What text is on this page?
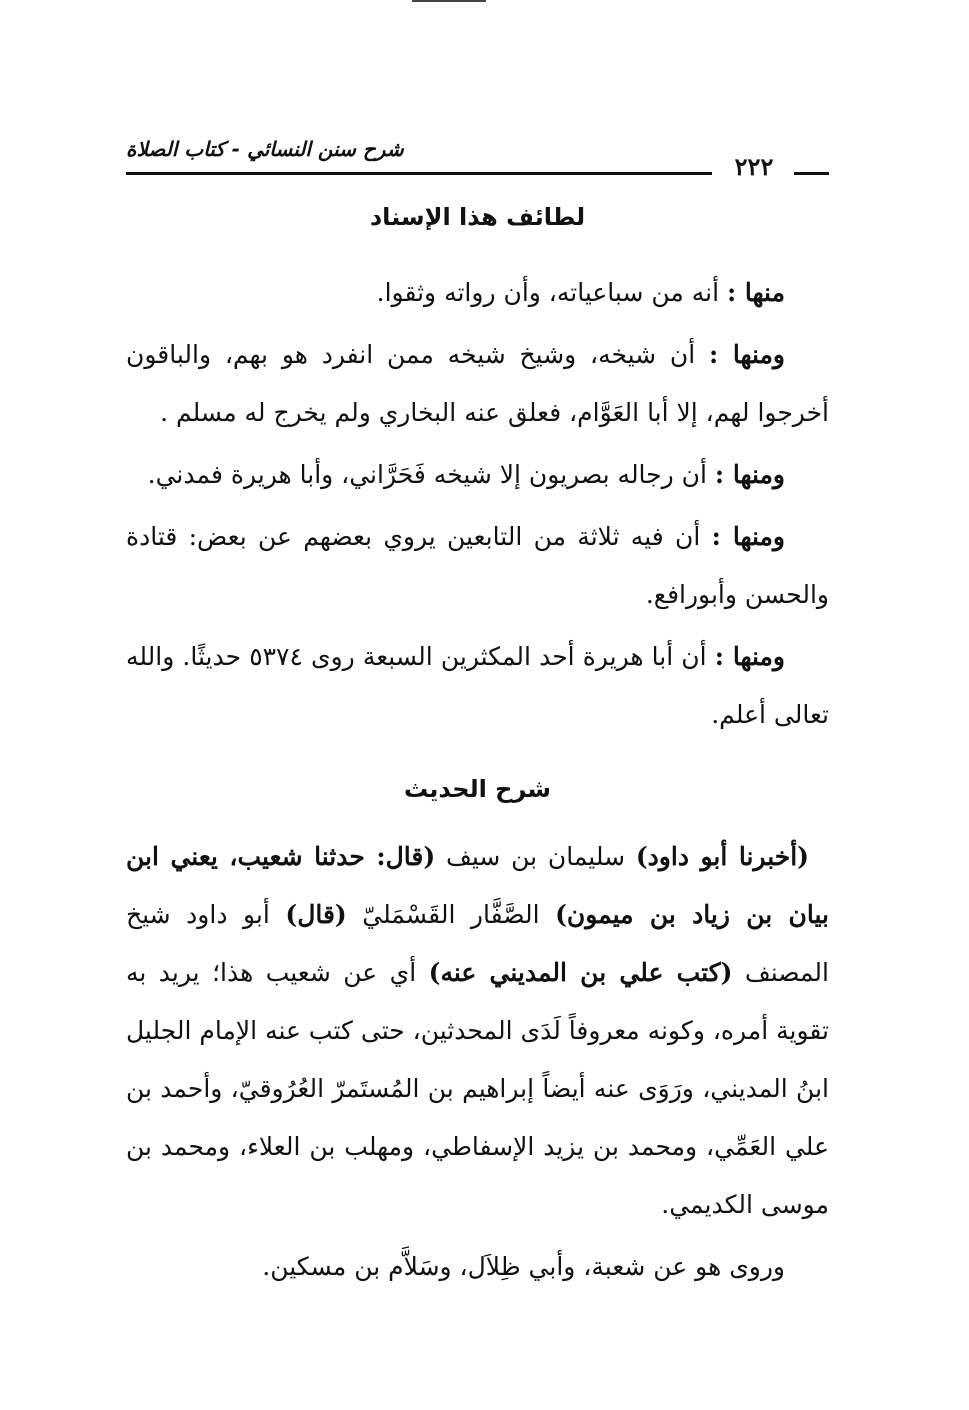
شرح سنن النسائي - كتاب الصلاة
٢٢٢
لطائف هذا الإسناد

منها : أنه من سباعياته، وأن رواته وثقوا.

ومنها : أن شيخه، وشيخ شيخه ممن انفرد هو بهم، والباقون أخرجوا لهم، إلا أبا العَوَّام، فعلق عنه البخاري ولم يخرج له مسلم .

ومنها : أن رجاله بصريون إلا شيخه فَحَرَّاني، وأبا هريرة فمدني.

ومنها : أن فيه ثلاثة من التابعين يروي بعضهم عن بعض: قتادة والحسن وأبورافع.

ومنها : أن أبا هريرة أحد المكثرين السبعة روى ٥٣٧٤ حديثًا. والله تعالى أعلم.

شرح الحديث

(أخبرنا أبو داود) سليمان بن سيف (قال: حدثنا شعيب، يعني ابن بيان بن زياد بن ميمون) الصَّفَّار القَسْمَليّ (قال) أبو داود شيخ المصنف (كتب علي بن المديني عنه) أي عن شعيب هذا؛ يريد به تقوية أمره، وكونه معروفاً لَدَى المحدثين، حتى كتب عنه الإمام الجليل ابنُ المديني، ورَوَى عنه أيضاً إبراهيم بن المُستَمرّ العُرُوقيّ، وأحمد بن علي العَمِّي، ومحمد بن يزيد الإسفاطي، ومهلب بن العلاء، ومحمد بن موسى الكديمي.

وروى هو عن شعبة، وأبي ظِلاَل، وسَلاَّم بن مسكين.
